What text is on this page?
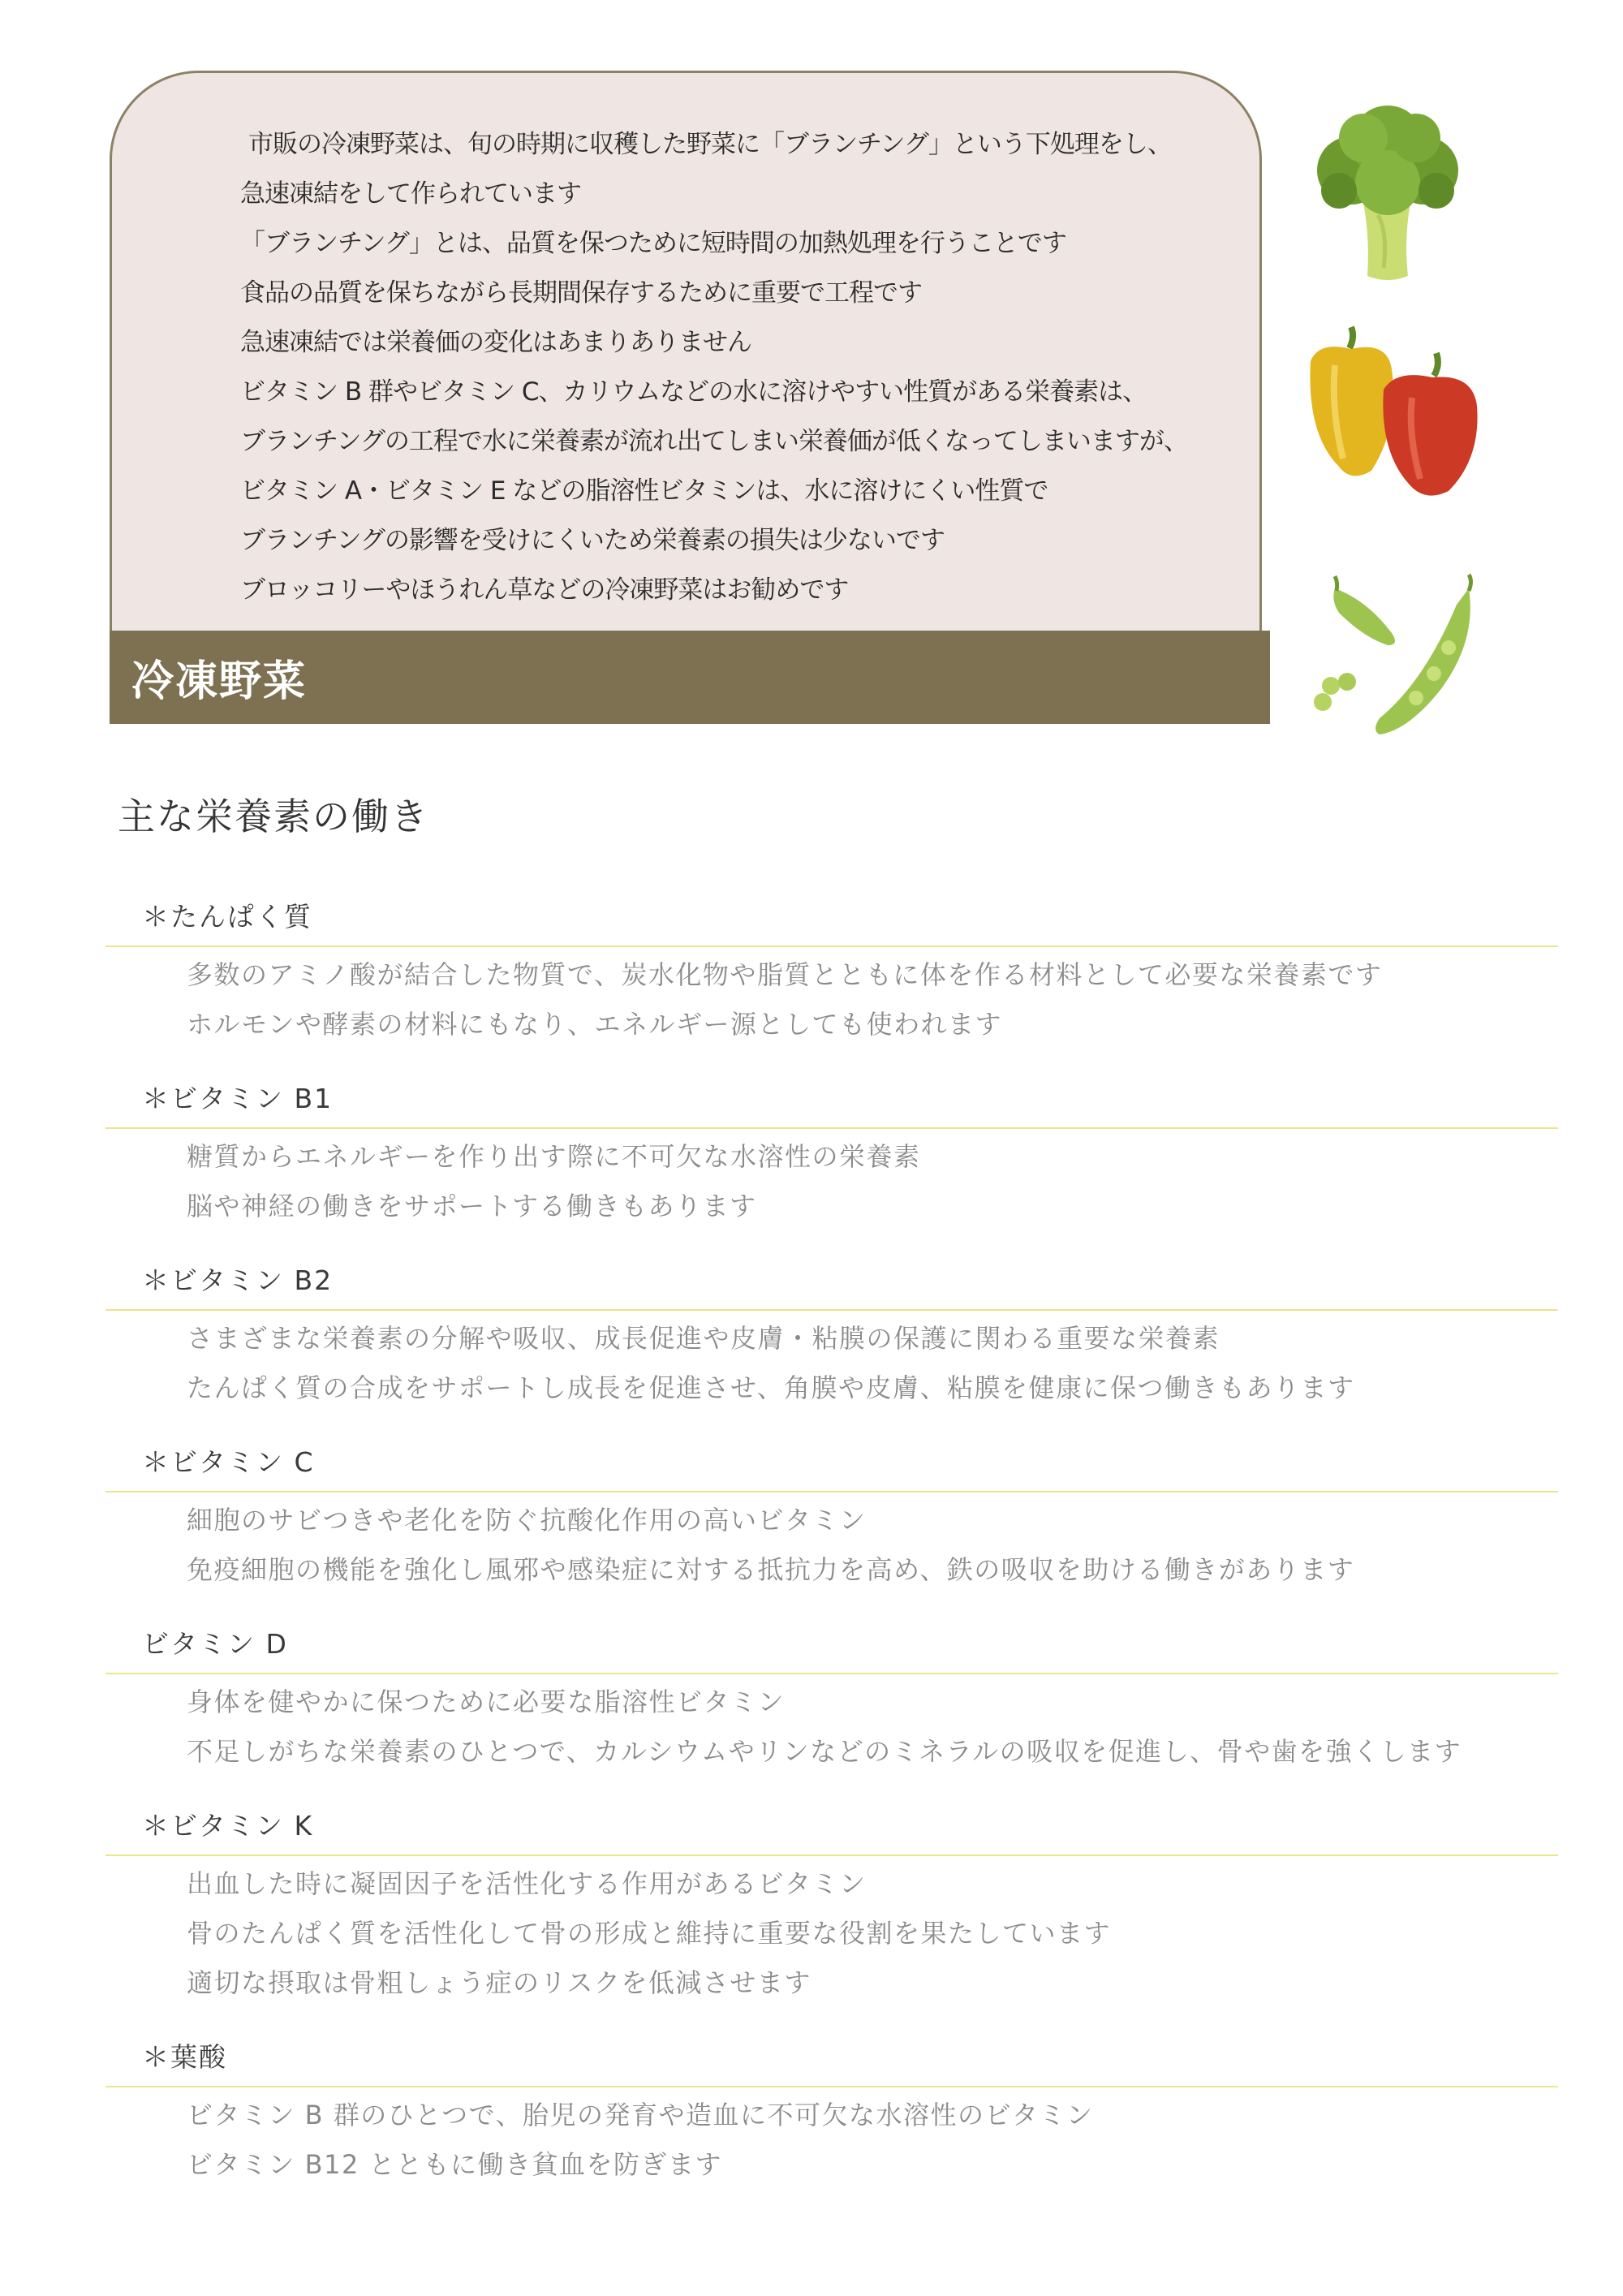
市販の冷凍野菜は、旬の時期に収穫した野菜に「ブランチング」という下処理をし、
急速凍結をして作られています
「ブランチング」とは、品質を保つために短時間の加熱処理を行うことです
食品の品質を保ちながら長期間保存するために重要で工程です
急速凍結では栄養価の変化はあまりありません
ビタミン B 群やビタミン C、カリウムなどの水に溶けやすい性質がある栄養素は、
ブランチングの工程で水に栄養素が流れ出てしまい栄養価が低くなってしまいますが、
ビタミン A・ビタミン E などの脂溶性ビタミンは、水に溶けにくい性質で
ブランチングの影響を受けにくいため栄養素の損失は少ないです
ブロッコリーやほうれん草などの冷凍野菜はお勧めです
冷凍野菜
主な栄養素の働き
＊たんぱく質
多数のアミノ酸が結合した物質で、炭水化物や脂質とともに体を作る材料として必要な栄養素です
ホルモンや酵素の材料にもなり、エネルギー源としても使われます
＊ビタミン B1
糖質からエネルギーを作り出す際に不可欠な水溶性の栄養素
脳や神経の働きをサポートする働きもあります
＊ビタミン B2
さまざまな栄養素の分解や吸収、成長促進や皮膚・粘膜の保護に関わる重要な栄養素
たんぱく質の合成をサポートし成長を促進させ、角膜や皮膚、粘膜を健康に保つ働きもあります
＊ビタミン C
細胞のサビつきや老化を防ぐ抗酸化作用の高いビタミン
免疫細胞の機能を強化し風邪や感染症に対する抵抗力を高め、鉄の吸収を助ける働きがあります
ビタミン D
身体を健やかに保つために必要な脂溶性ビタミン
不足しがちな栄養素のひとつで、カルシウムやリンなどのミネラルの吸収を促進し、骨や歯を強くします
＊ビタミン K
出血した時に凝固因子を活性化する作用があるビタミン
骨のたんぱく質を活性化して骨の形成と維持に重要な役割を果たしています
適切な摂取は骨粗しょう症のリスクを低減させます
＊葉酸
ビタミン B 群のひとつで、胎児の発育や造血に不可欠な水溶性のビタミン
ビタミン B12 とともに働き貧血を防ぎます
